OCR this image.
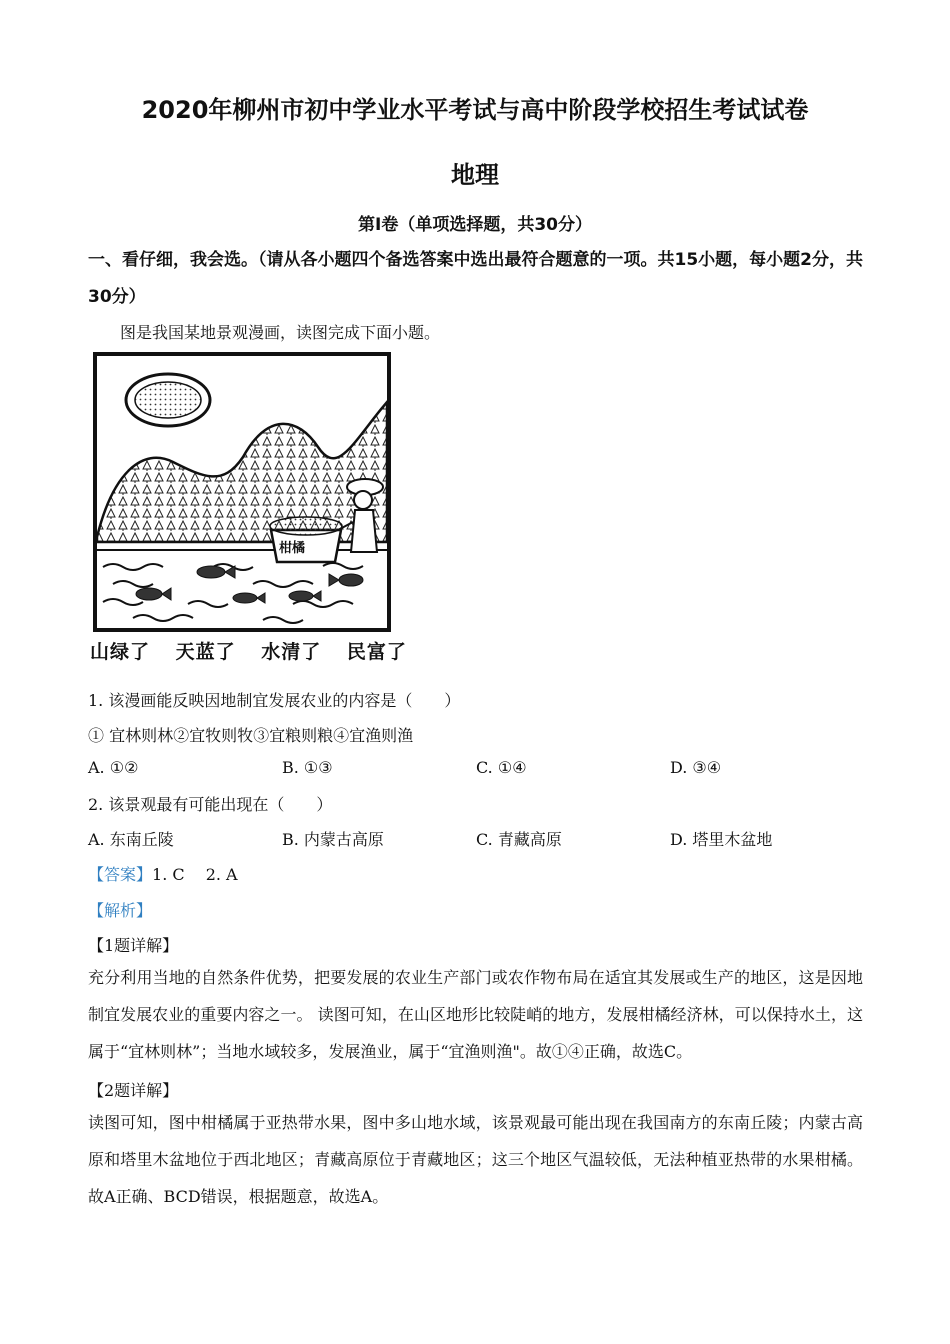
2020年柳州市初中学业水平考试与高中阶段学校招生考试试卷
地理
第Ⅰ卷（单项选择题，共30分）
一、看仔细，我会选。（请从各小题四个备选答案中选出最符合题意的一项。共15小题，每小题2分，共30分）
图是我国某地景观漫画，读图完成下面小题。
柑橘
山绿了 天蓝了 水清了 民富了
1. 该漫画能反映因地制宜发展农业的内容是（　　）
① 宜林则林②宜牧则牧③宜粮则粮④宜渔则渔
A. ①②	B. ①③	C. ①④	D. ③④
2. 该景观最有可能出现在（　　）
A. 东南丘陵	B. 内蒙古高原	C. 青藏高原	D. 塔里木盆地
【答案】1. C　 2. A
【解析】
【1题详解】
充分利用当地的自然条件优势，把要发展的农业生产部门或农作物布局在适宜其发展或生产的地区，这是因地制宜发展农业的重要内容之一。 读图可知，在山区地形比较陡峭的地方，发展柑橘经济林，可以保持水土，这属于“宜林则林”；当地水域较多，发展渔业，属于“宜渔则渔"。故①④正确，故选C。
【2题详解】
读图可知，图中柑橘属于亚热带水果，图中多山地水域，该景观最可能出现在我国南方的东南丘陵；内蒙古高原和塔里木盆地位于西北地区；青藏高原位于青藏地区；这三个地区气温较低，无法种植亚热带的水果柑橘。故A正确、BCD错误，根据题意，故选A。
